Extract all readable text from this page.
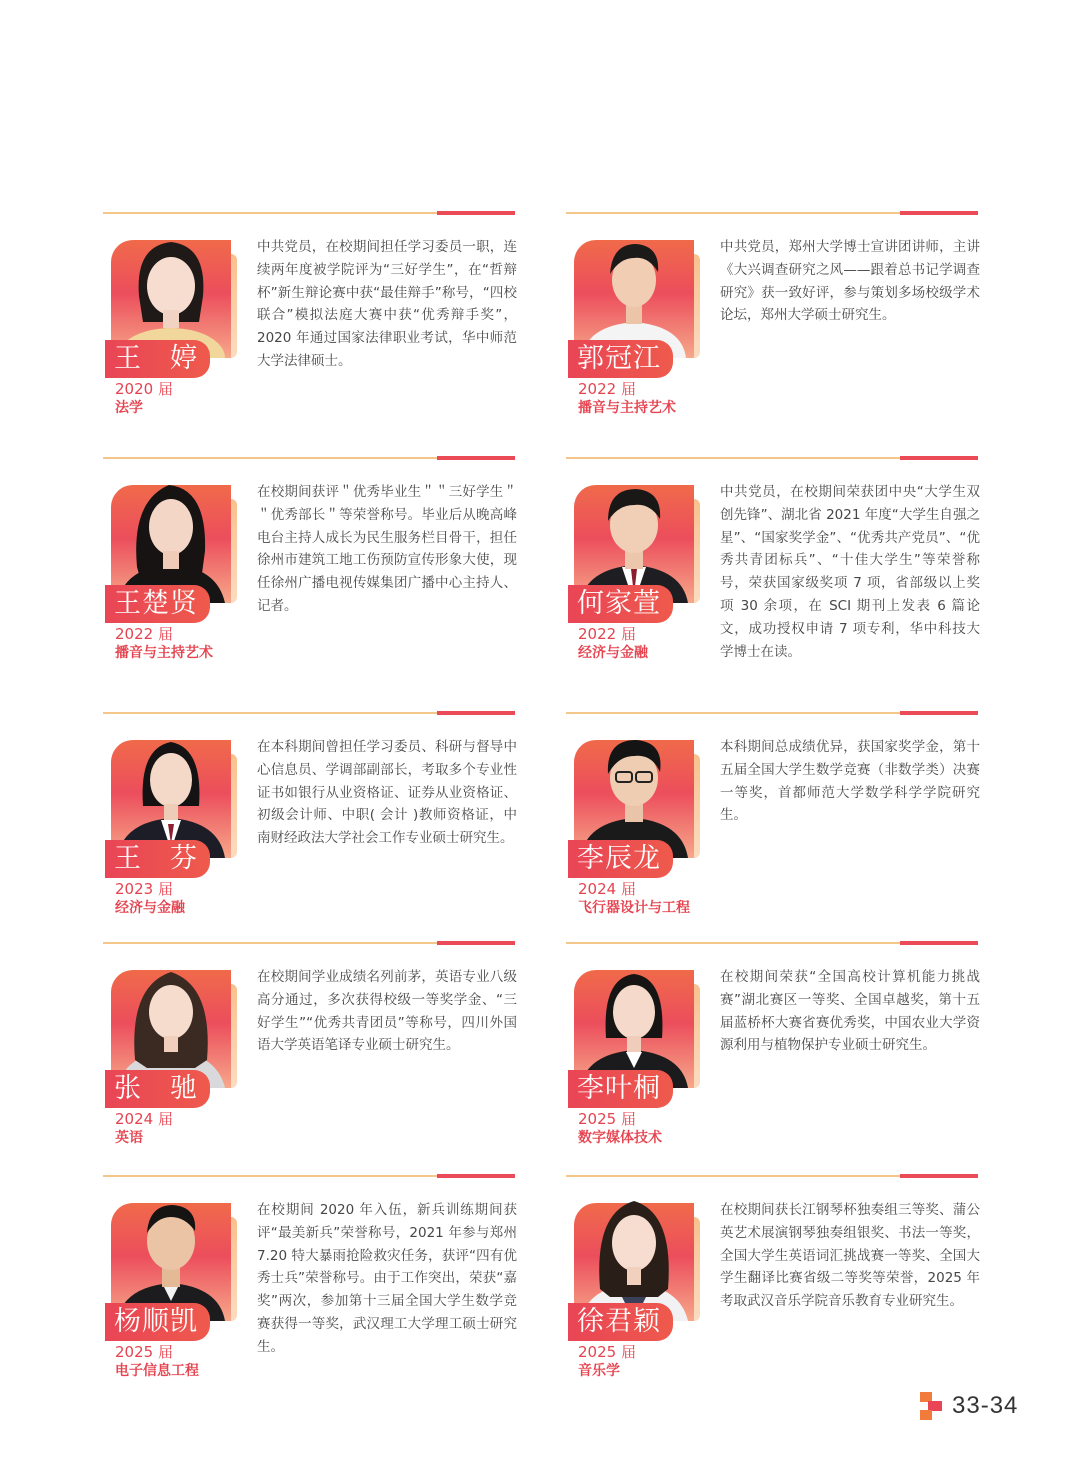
王　婷
2020 届
法学
中共党员，在校期间担任学习委员一职，连续两年度被学院评为“三好学生”，在“哲辩杯”新生辩论赛中获“最佳辩手”称号，“四校联合”模拟法庭大赛中获“优秀辩手奖”，2020 年通过国家法律职业考试，华中师范大学法律硕士。	郭冠江
2022 届
播音与主持艺术
中共党员，郑州大学博士宣讲团讲师，主讲《大兴调查研究之风——跟着总书记学调查研究》获一致好评，参与策划多场校级学术论坛，郑州大学硕士研究生。
王楚贤
2022 届
播音与主持艺术
在校期间获评＂优秀毕业生＂＂三好学生＂＂优秀部长＂等荣誉称号。毕业后从晚高峰电台主持人成长为民生服务栏目骨干，担任徐州市建筑工地工伤预防宣传形象大使，现任徐州广播电视传媒集团广播中心主持人、记者。	何家萱
2022 届
经济与金融
中共党员，在校期间荣获团中央“大学生双创先锋”、湖北省 2021 年度“大学生自强之星”、“国家奖学金”、“优秀共产党员”、“优秀共青团标兵”、“十佳大学生”等荣誉称号，荣获国家级奖项 7 项，省部级以上奖项 30 余项，在 SCI 期刊上发表 6 篇论文，成功授权申请 7 项专利，华中科技大学博士在读。
王　芬
2023 届
经济与金融
在本科期间曾担任学习委员、科研与督导中心信息员、学调部副部长，考取多个专业性证书如银行从业资格证、证券从业资格证、初级会计师、中职( 会计 )教师资格证，中南财经政法大学社会工作专业硕士研究生。
李辰龙
2024 届
飞行器设计与工程
本科期间总成绩优异，获国家奖学金，第十五届全国大学生数学竞赛（非数学类）决赛一等奖，首都师范大学数学科学学院研究生。
张　驰
2024 届
英语
在校期间学业成绩名列前茅，英语专业八级高分通过，多次获得校级一等奖学金、“三好学生”“优秀共青团员”等称号，四川外国语大学英语笔译专业硕士研究生。
李叶桐
2025 届
数字媒体技术
在校期间荣获“全国高校计算机能力挑战赛”湖北赛区一等奖、全国卓越奖，第十五届蓝桥杯大赛省赛优秀奖，中国农业大学资源利用与植物保护专业硕士研究生。
杨顺凯
2025 届
电子信息工程
在校期间 2020 年入伍，新兵训练期间获评“最美新兵”荣誉称号，2021 年参与郑州 7.20 特大暴雨抢险救灾任务，获评“四有优秀士兵”荣誉称号。由于工作突出，荣获“嘉奖”两次，参加第十三届全国大学生数学竞赛获得一等奖，武汉理工大学理工硕士研究生。
徐君颖
2025 届
音乐学
在校期间获长江钢琴杯独奏组三等奖、蒲公英艺术展演钢琴独奏组银奖、书法一等奖，全国大学生英语词汇挑战赛一等奖、全国大学生翻译比赛省级二等奖等荣誉，2025 年考取武汉音乐学院音乐教育专业研究生。
33-34
